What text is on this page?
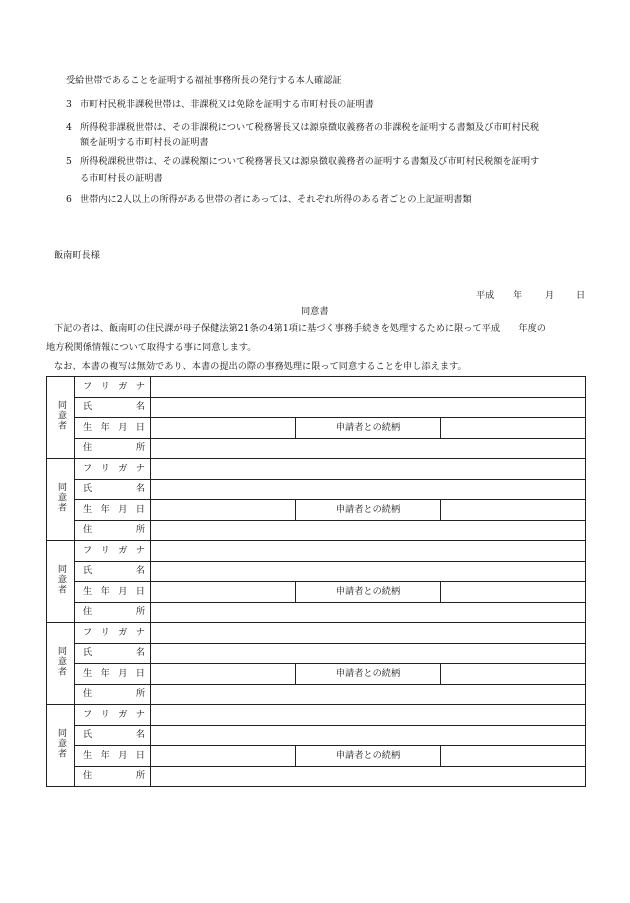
受給世帯であることを証明する福祉事務所長の発行する本人確認証
3 市町村民税非課税世帯は、非課税又は免除を証明する市町村長の証明書
4 所得税非課税世帯は、その非課税について税務署長又は源泉徴収義務者の非課税を証明する書類及び市町村民税
額を証明する市町村長の証明書
5 所得税課税世帯は、その課税額について税務署長又は源泉徴収義務者の証明する書類及び市町村民税額を証明す
る市町村長の証明書
6 世帯内に2人以上の所得がある世帯の者にあっては、それぞれ所得のある者ごとの上記証明書類
飯南町長様
平成 年 月 日
同意書
下記の者は、飯南町の住民課が母子保健法第21条の4第1項に基づく事務手続きを処理するために限って平成　　年度の
地方税関係情報について取得する事に同意します。
なお、本書の複写は無効であり、本書の提出の際の事務処理に限って同意することを申し添えます。
同意者	フ リ ガ ナ			

	氏 名			

	生 年 月 日		申請者との続柄	

	住 所			

同意者	フ リ ガ ナ			

	氏 名			

	生 年 月 日		申請者との続柄	

	住 所			

同意者	フ リ ガ ナ			

	氏 名			

	生 年 月 日		申請者との続柄	

	住 所			

同意者	フ リ ガ ナ			

	氏 名			

	生 年 月 日		申請者との続柄	

	住 所			

同意者	フ リ ガ ナ			

	氏 名			

	生 年 月 日		申請者との続柄	

	住 所			
